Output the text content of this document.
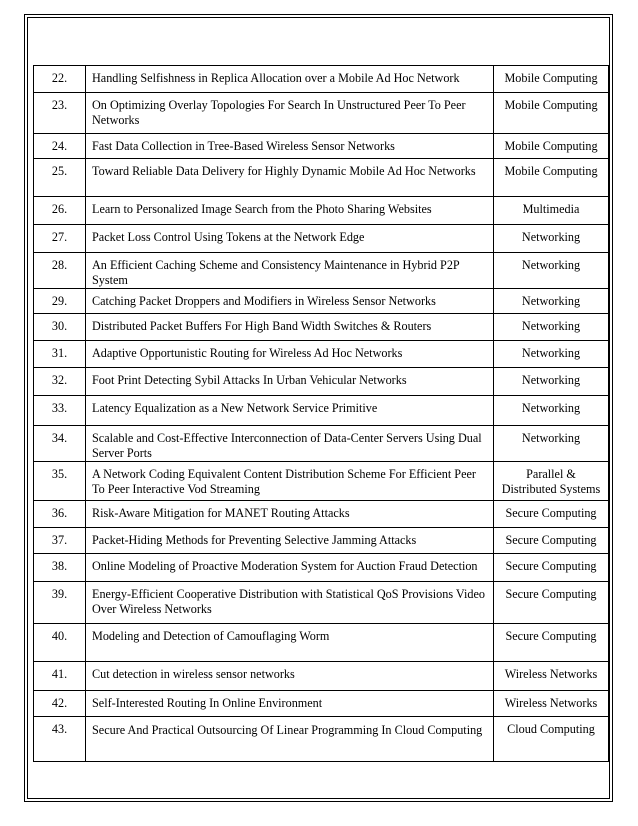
22.	Handling Selfishness in Replica Allocation over a Mobile Ad Hoc Network	Mobile Computing
23.	On Optimizing Overlay Topologies For Search In Unstructured Peer To Peer Networks	Mobile Computing
24.	Fast Data Collection in Tree-Based Wireless Sensor Networks	Mobile Computing
25.	Toward Reliable Data Delivery for Highly Dynamic Mobile Ad Hoc Networks	Mobile Computing
26.	Learn to Personalized Image Search from the Photo Sharing Websites	Multimedia
27.	Packet Loss Control Using Tokens at the Network Edge	Networking
28.	An Efficient Caching Scheme and Consistency Maintenance in Hybrid P2P System	Networking
29.	Catching Packet Droppers and Modifiers in Wireless Sensor Networks	Networking
30.	Distributed Packet Buffers For High Band Width Switches & Routers	Networking
31.	Adaptive Opportunistic Routing for Wireless Ad Hoc Networks	Networking
32.	Foot Print Detecting Sybil Attacks In Urban Vehicular Networks	Networking
33.	Latency Equalization as a New Network Service Primitive	Networking
34.	Scalable and Cost-Effective Interconnection of Data-Center Servers Using Dual Server Ports	Networking
35.	A Network Coding Equivalent Content Distribution Scheme For Efficient Peer To Peer Interactive Vod Streaming	Parallel & Distributed Systems
36.	Risk-Aware Mitigation for MANET Routing Attacks	Secure Computing
37.	Packet-Hiding Methods for Preventing Selective Jamming Attacks	Secure Computing
38.	Online Modeling of Proactive Moderation System for Auction Fraud Detection	Secure Computing
39.	Energy-Efficient Cooperative Distribution with Statistical QoS Provisions Video Over Wireless Networks	Secure Computing
40.	Modeling and Detection of Camouflaging Worm	Secure Computing
41.	Cut detection in wireless sensor networks	Wireless Networks
42.	Self-Interested Routing In Online Environment	Wireless Networks
43.	Secure And Practical Outsourcing Of Linear Programming In Cloud Computing	Cloud Computing
